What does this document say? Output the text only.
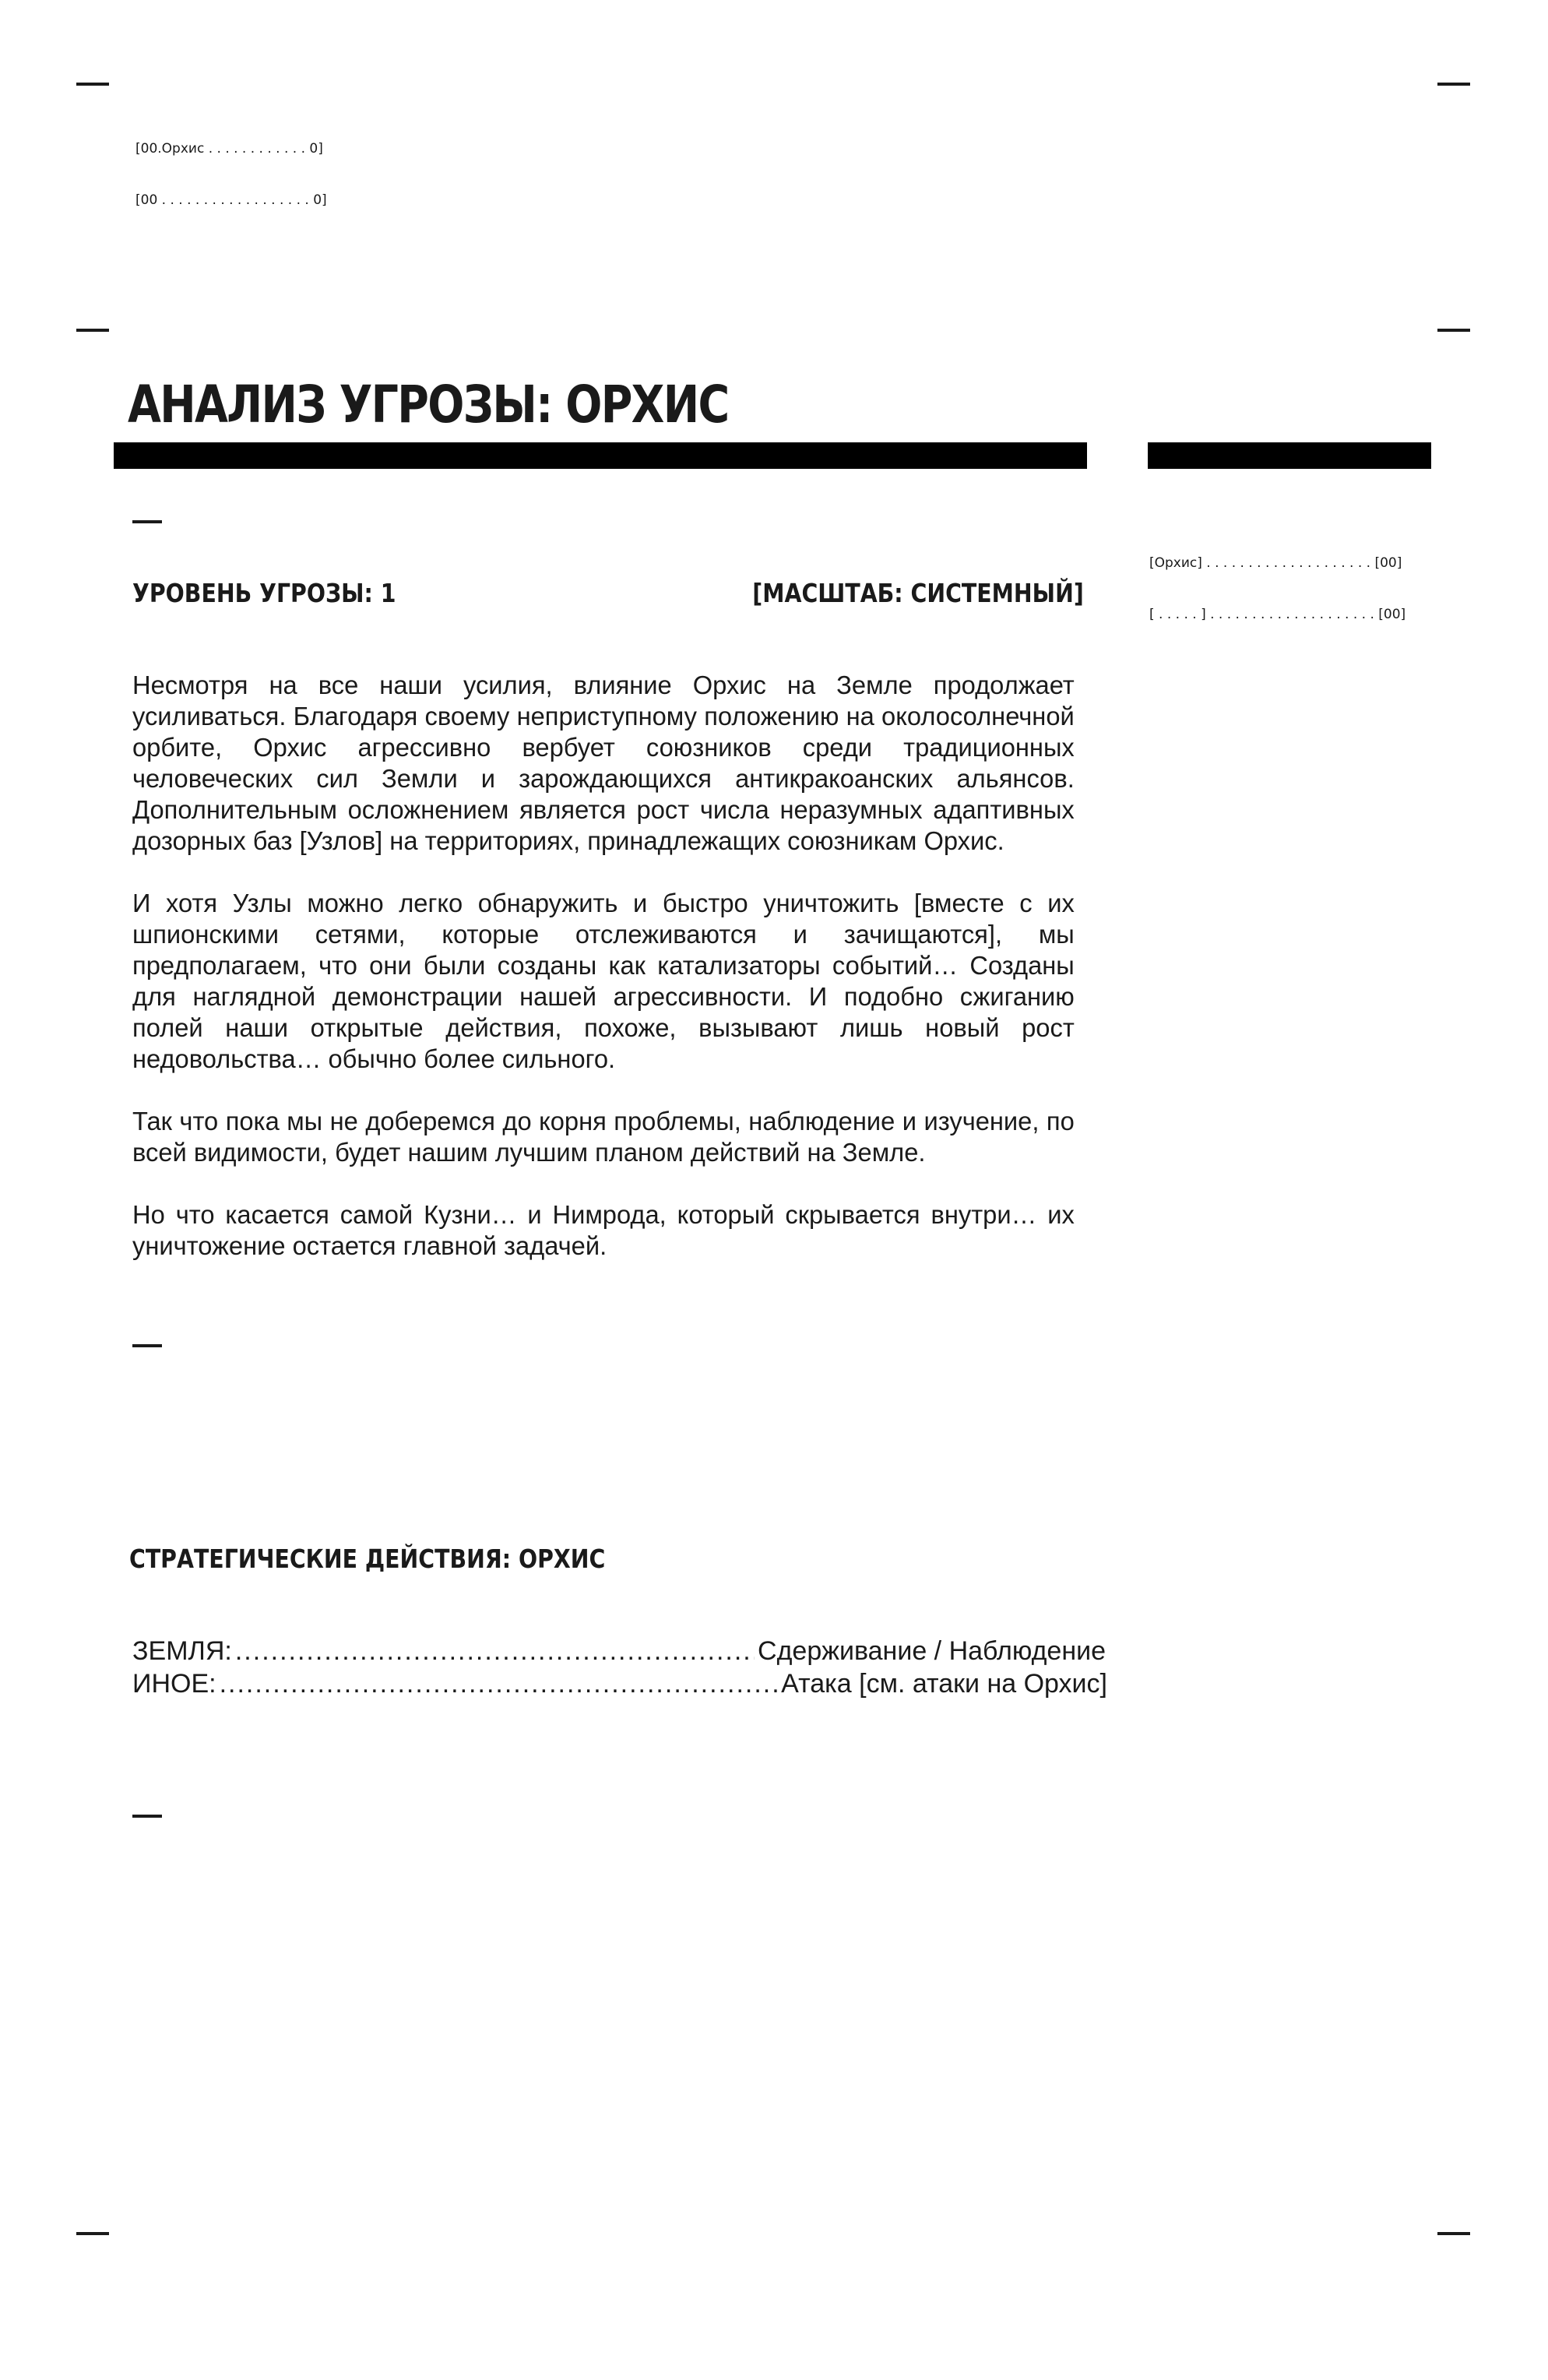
[00.Орхис . . . . . . . . . . . . 0]

[00 . . . . . . . . . . . . . . . . . . 0]

АНАЛИЗ УГРОЗЫ: ОРХИС

[Орхис] . . . . . . . . . . . . . . . . . . . . [00]

[ . . . . . ] . . . . . . . . . . . . . . . . . . . . [00]

УРОВЕНЬ УГРОЗЫ: 1	[МАСШТАБ: СИСТЕМНЫЙ]

Несмотря на все наши усилия, влияние Орхис на Земле продолжает усиливаться. Благодаря своему неприступному положению на околосолнечной орбите, Орхис агрессивно вербует союзников среди традиционных человеческих сил Земли и зарождающихся антикракоанских альянсов. Дополнительным осложнением является рост числа неразумных адаптивных дозорных баз [Узлов] на территориях, принадлежащих союзникам Орхис.

И хотя Узлы можно легко обнаружить и быстро уничтожить [вместе с их шпионскими сетями, которые отслеживаются и зачищаются], мы предполагаем, что они были созданы как катализаторы событий… Созданы для наглядной демонстрации нашей агрессивности. И подобно сжиганию полей наши открытые действия, похоже, вызывают лишь новый рост недовольства… обычно более сильного.

Так что пока мы не доберемся до корня проблемы, наблюдение и изучение, по всей видимости, будет нашим лучшим планом действий на Земле.

Но что касается самой Кузни… и Нимрода, который скрывается внутри… их уничтожение остается главной задачей.

СТРАТЕГИЧЕСКИЕ ДЕЙСТВИЯ: ОРХИС
ЗЕМЛЯ: .....	Сдерживание / Наблюдение
ИНОЕ: .....	Атака [см. атаки на Орхис]
